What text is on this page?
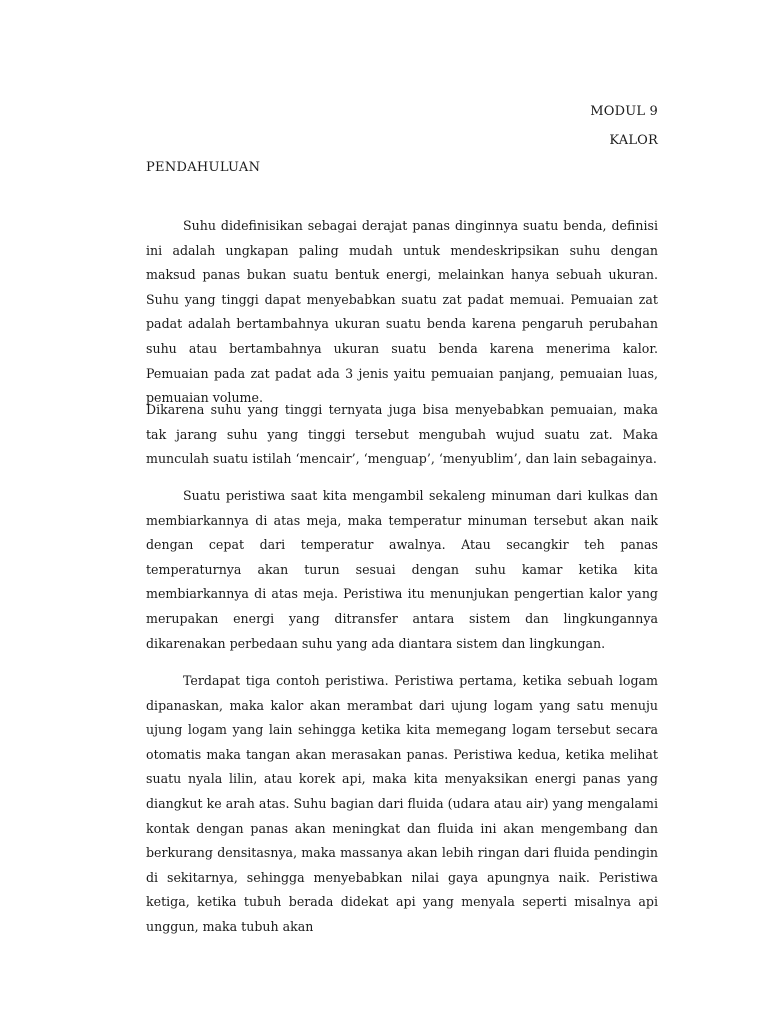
MODUL 9
KALOR
PENDAHULUAN

Suhu didefinisikan sebagai derajat panas dinginnya suatu benda, definisi ini adalah ungkapan paling mudah untuk mendeskripsikan suhu dengan maksud panas bukan suatu bentuk energi, melainkan hanya sebuah ukuran. Suhu yang tinggi dapat menyebabkan suatu zat padat memuai. Pemuaian zat padat adalah bertambahnya ukuran suatu benda karena pengaruh perubahan suhu atau bertambahnya ukuran suatu benda karena menerima kalor. Pemuaian pada zat padat ada 3 jenis yaitu pemuaian panjang, pemuaian luas, pemuaian volume.

Dikarena suhu yang tinggi ternyata juga bisa menyebabkan pemuaian, maka tak jarang suhu yang tinggi tersebut mengubah wujud suatu zat. Maka munculah suatu istilah ‘mencair’, ‘menguap’, ‘menyublim’, dan lain sebagainya.

Suatu peristiwa saat kita mengambil sekaleng minuman dari kulkas dan membiarkannya di atas meja, maka temperatur minuman tersebut akan naik dengan cepat dari temperatur awalnya. Atau secangkir teh panas temperaturnya akan turun sesuai dengan suhu kamar ketika kita membiarkannya di atas meja. Peristiwa itu menunjukan pengertian kalor yang merupakan energi yang ditransfer antara sistem dan lingkungannya dikarenakan perbedaan suhu yang ada diantara sistem dan lingkungan.

Terdapat tiga contoh peristiwa. Peristiwa pertama, ketika sebuah logam dipanaskan, maka kalor akan merambat dari ujung logam yang satu menuju ujung logam yang lain sehingga ketika kita memegang logam tersebut secara otomatis maka tangan akan merasakan panas. Peristiwa kedua, ketika melihat suatu nyala lilin, atau korek api, maka kita menyaksikan energi panas yang diangkut ke arah atas. Suhu bagian dari fluida (udara atau air) yang mengalami kontak dengan panas akan meningkat dan fluida ini akan mengembang dan berkurang densitasnya, maka massanya akan lebih ringan dari fluida pendingin di sekitarnya, sehingga menyebabkan nilai gaya apungnya naik. Peristiwa ketiga, ketika tubuh berada didekat api yang menyala seperti misalnya api unggun, maka tubuh akan
